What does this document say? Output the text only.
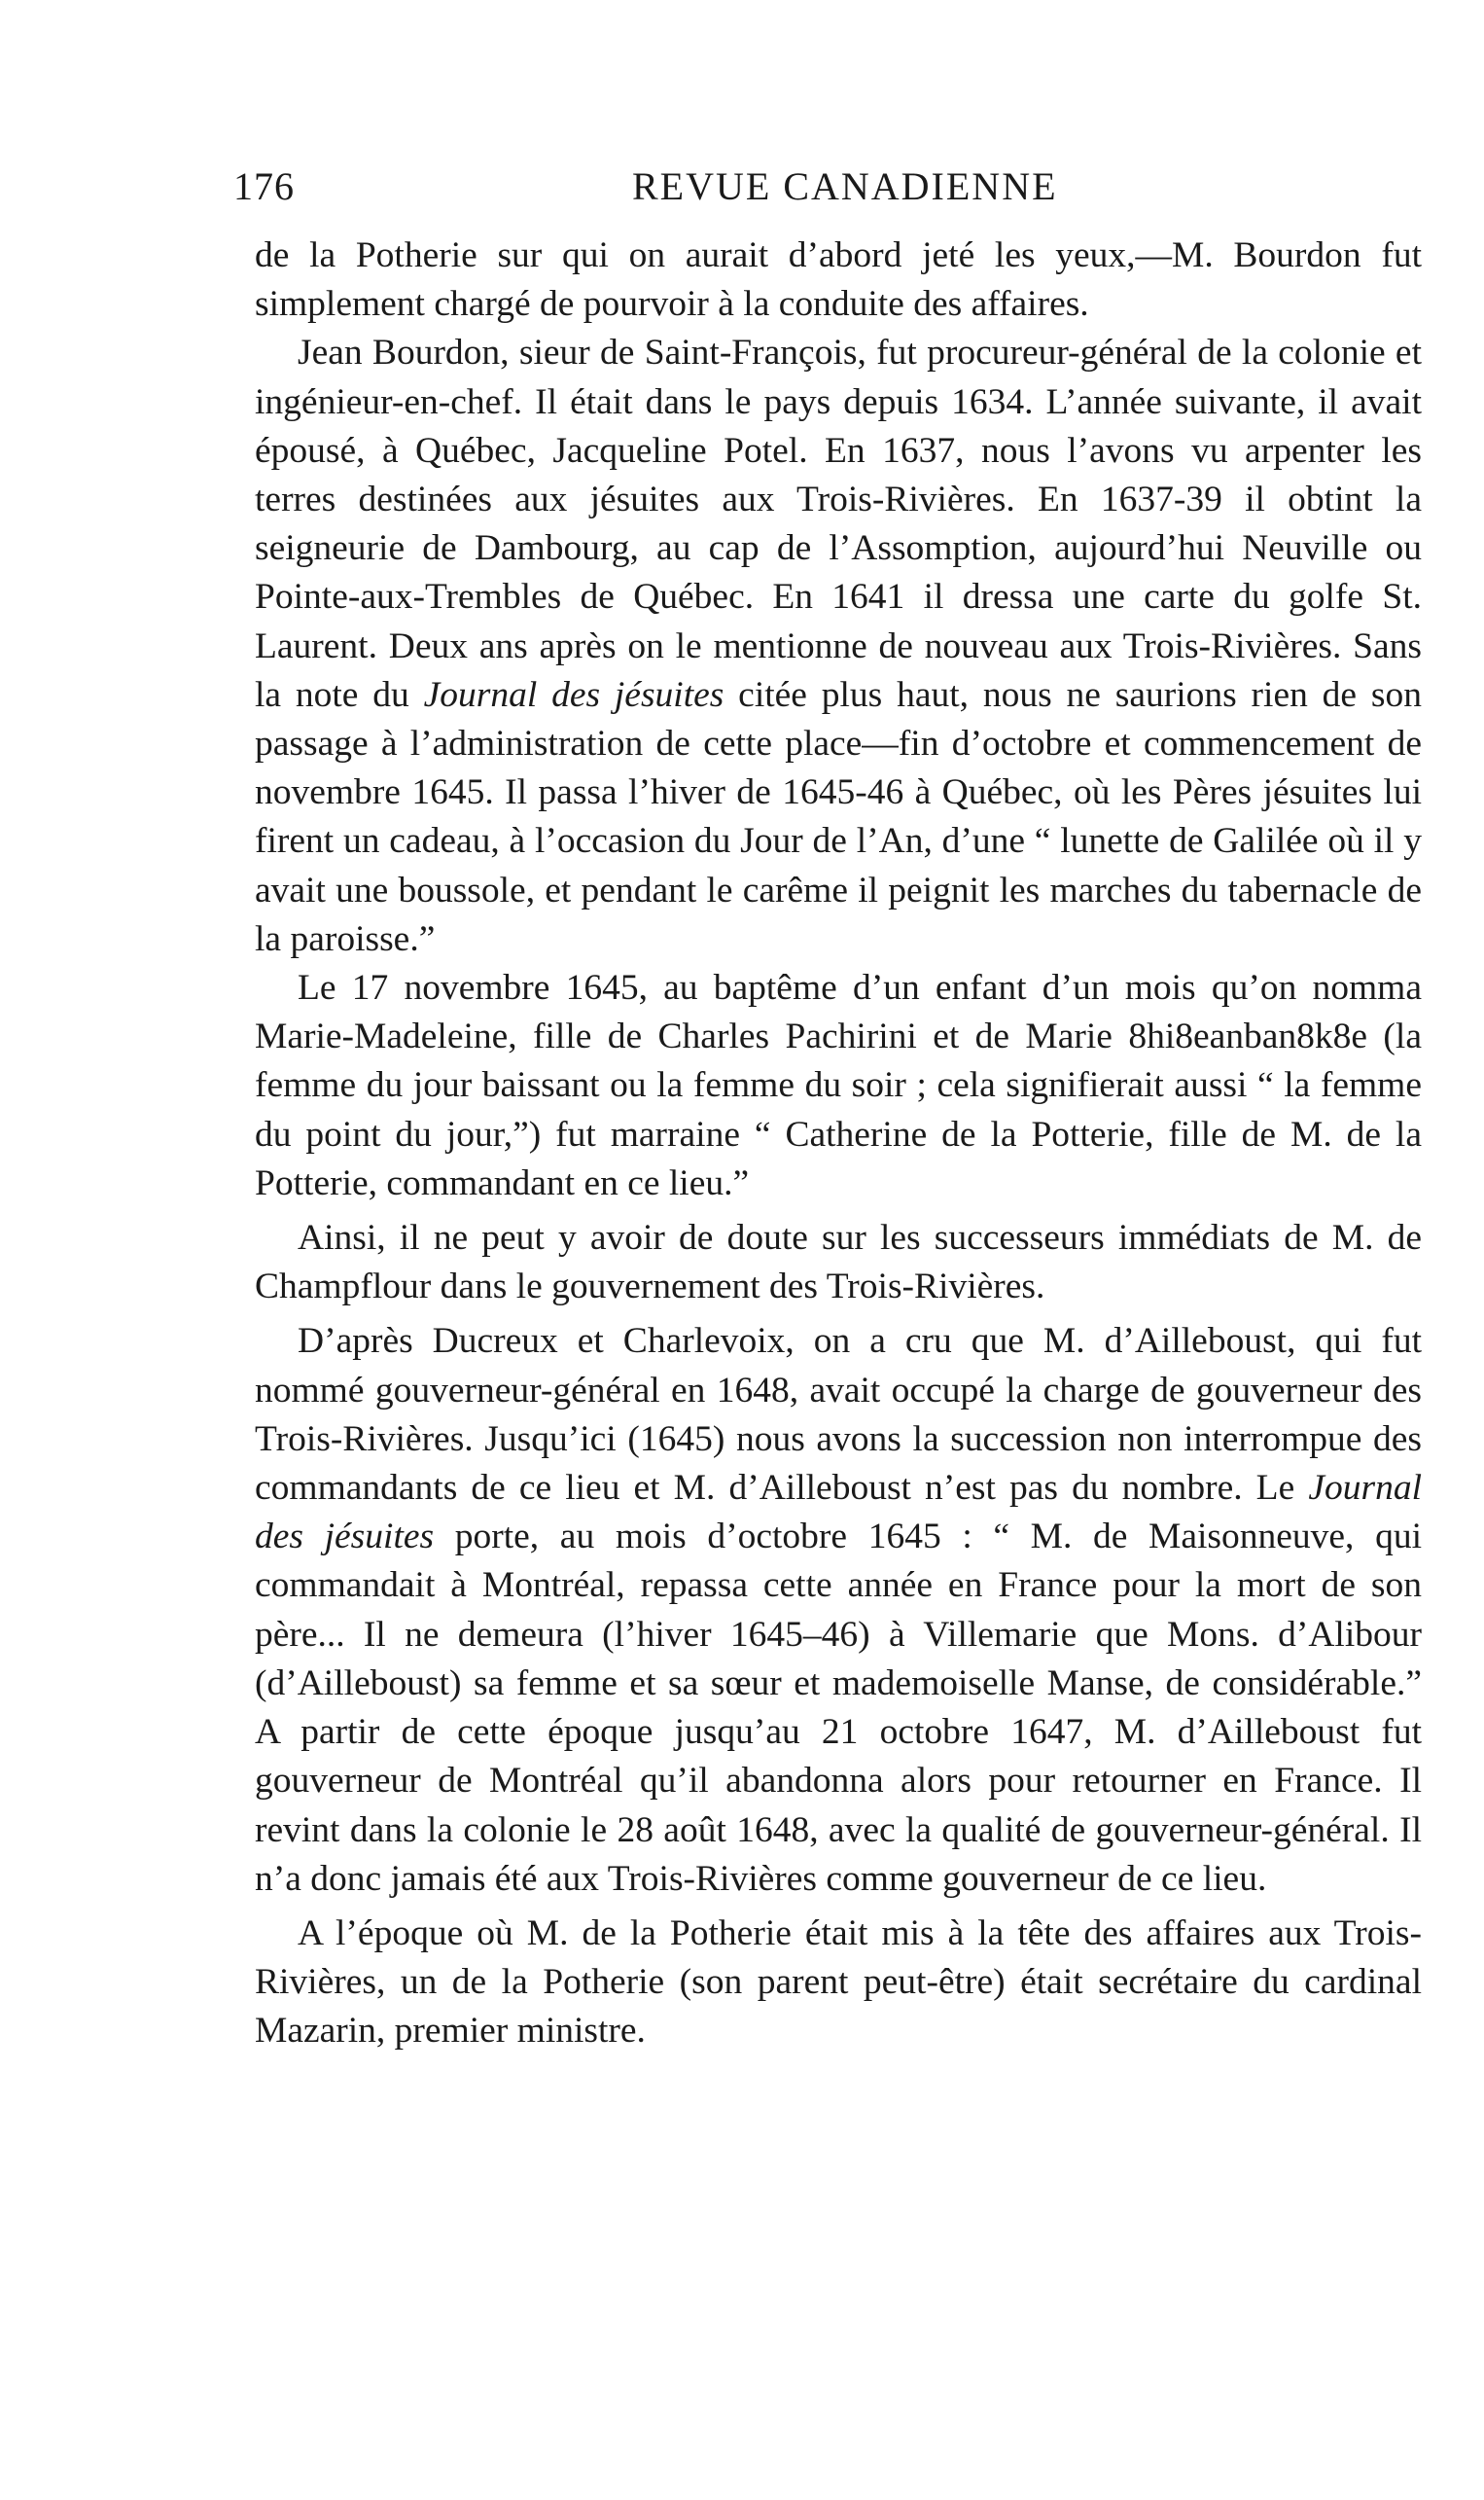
176	REVUE CANADIENNE

de la Potherie sur qui on aurait d’abord jeté les yeux,—M. Bourdon fut simplement chargé de pourvoir à la conduite des affaires.

Jean Bourdon, sieur de Saint-François, fut procureur-général de la colonie et ingénieur-en-chef. Il était dans le pays depuis 1634. L’année suivante, il avait épousé, à Québec, Jacqueline Potel. En 1637, nous l’avons vu arpenter les terres destinées aux jésuites aux Trois-Rivières. En 1637-39 il obtint la seigneurie de Dambourg, au cap de l’Assomption, aujourd’hui Neuville ou Pointe-aux-Trembles de Québec. En 1641 il dressa une carte du golfe St. Laurent. Deux ans après on le mentionne de nouveau aux Trois-Rivières. Sans la note du Journal des jésuites citée plus haut, nous ne saurions rien de son passage à l’administration de cette place—fin d’octobre et commencement de novembre 1645. Il passa l’hiver de 1645-46 à Québec, où les Pères jésuites lui firent un cadeau, à l’occasion du Jour de l’An, d’une “ lunette de Galilée où il y avait une boussole, et pendant le carême il peignit les marches du tabernacle de la paroisse.”

Le 17 novembre 1645, au baptême d’un enfant d’un mois qu’on nomma Marie-Madeleine, fille de Charles Pachirini et de Marie 8hi8eanban8k8e (la femme du jour baissant ou la femme du soir ; cela signifierait aussi “ la femme du point du jour,”) fut marraine “ Catherine de la Potterie, fille de M. de la Potterie, commandant en ce lieu.”

Ainsi, il ne peut y avoir de doute sur les successeurs immédiats de M. de Champflour dans le gouvernement des Trois-Rivières.

D’après Ducreux et Charlevoix, on a cru que M. d’Ailleboust, qui fut nommé gouverneur-général en 1648, avait occupé la charge de gouverneur des Trois-Rivières. Jusqu’ici (1645) nous avons la succession non interrompue des commandants de ce lieu et M. d’Ailleboust n’est pas du nombre. Le Journal des jésuites porte, au mois d’octobre 1645 : “ M. de Maisonneuve, qui commandait à Montréal, repassa cette année en France pour la mort de son père... Il ne demeura (l’hiver 1645–46) à Villemarie que Mons. d’Alibour (d’Ailleboust) sa femme et sa sœur et mademoiselle Manse, de considérable.” A partir de cette époque jusqu’au 21 octobre 1647, M. d’Ailleboust fut gouverneur de Montréal qu’il abandonna alors pour retourner en France. Il revint dans la colonie le 28 août 1648, avec la qualité de gouverneur-général. Il n’a donc jamais été aux Trois-Rivières comme gouverneur de ce lieu.

A l’époque où M. de la Potherie était mis à la tête des affaires aux Trois-Rivières, un de la Potherie (son parent peut-être) était secrétaire du cardinal Mazarin, premier ministre.
